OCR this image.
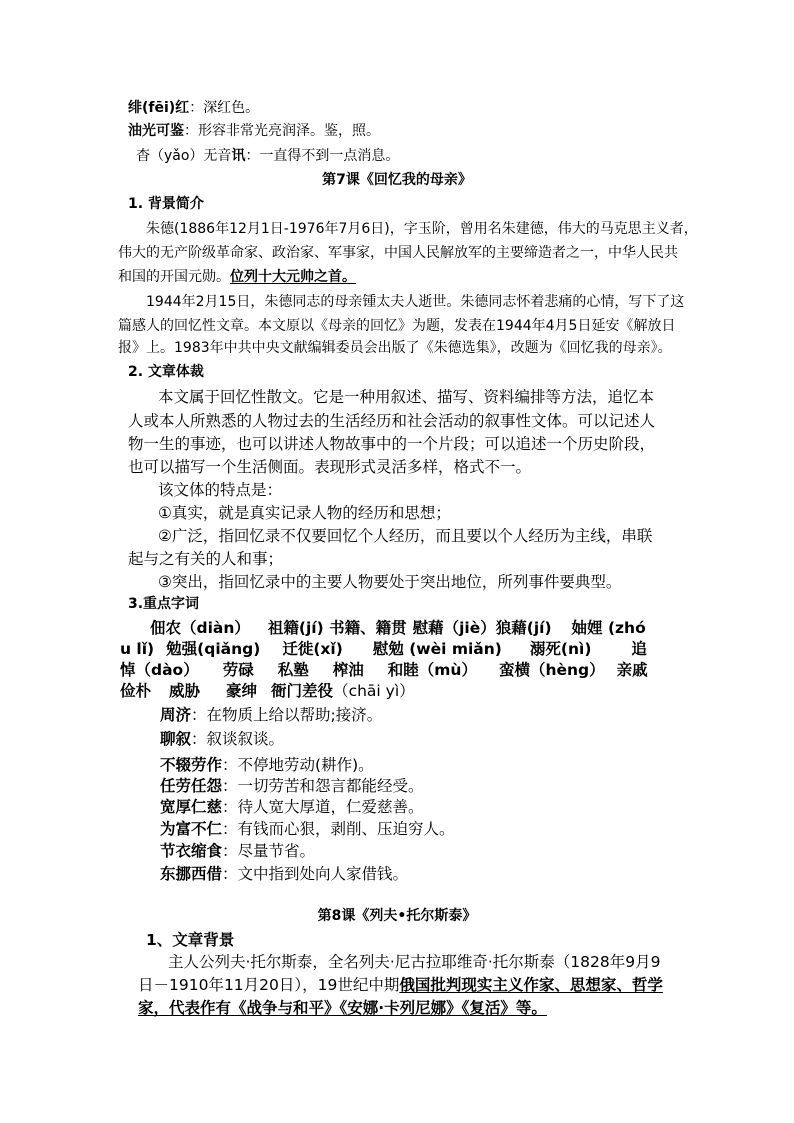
绯(fēi)红：深红色。
油光可鉴：形容非常光亮润泽。鉴，照。
杳（yǎo）无音讯：一直得不到一点消息。
第7课《回忆我的母亲》
1. 背景简介
朱德(1886年12月1日-1976年7月6日)，字玉阶，曾用名朱建德，伟大的马克思主义者，
伟大的无产阶级革命家、政治家、军事家，中国人民解放军的主要缔造者之一，中华人民共
和国的开国元勋。位列十大元帅之首。
1944年2月15日，朱德同志的母亲锺太夫人逝世。朱德同志怀着悲痛的心情，写下了这
篇感人的回忆性文章。本文原以《母亲的回忆》为题，发表在1944年4月5日延安《解放日
报》上。1983年中共中央文献编辑委员会出版了《朱德选集》，改题为《回忆我的母亲》。
2. 文章体裁
本文属于回忆性散文。它是一种用叙述、描写、资料编排等方法，追忆本
人或本人所熟悉的人物过去的生活经历和社会活动的叙事性文体。可以记述人
物一生的事迹，也可以讲述人物故事中的一个片段；可以追述一个历史阶段，
也可以描写一个生活侧面。表现形式灵活多样，格式不一。
该文体的特点是：
①真实，就是真实记录人物的经历和思想；
②广泛，指回忆录不仅要回忆个人经历，而且要以个人经历为主线，串联
起与之有关的人和事；
③突出，指回忆录中的主要人物要处于突出地位，所列事件要典型。
3.重点字词
佃农（diàn） 祖籍(jí) 书籍、籍贯 慰藉（jiè）狼藉(jí) 妯娌 (zhó
u lǐ) 勉强(qiǎng) 迁徙(xǐ) 慰勉 (wèi miǎn) 溺死(nì)	追
悼（dào） 劳碌 私塾 榨油 和睦（mù） 蛮横（hèng） 亲戚
俭朴 威胁 豪绅 衙门差役（chāi yì）
周济：在物质上给以帮助;接济。
聊叙：叙谈叙谈。
不辍劳作：不停地劳动(耕作)。
任劳任怨：一切劳苦和怨言都能经受。
宽厚仁慈：待人宽大厚道，仁爱慈善。
为富不仁：有钱而心狠，剥削、压迫穷人。
节衣缩食：尽量节省。
东挪西借：文中指到处向人家借钱。
第8课《列夫•托尔斯泰》
1、文章背景
主人公列夫·托尔斯泰，全名列夫·尼古拉耶维奇·托尔斯泰（1828年9月9
日－1910年11月20日），19世纪中期俄国批判现实主义作家、思想家、哲学
家，代表作有《战争与和平》《安娜·卡列尼娜》《复活》等。
